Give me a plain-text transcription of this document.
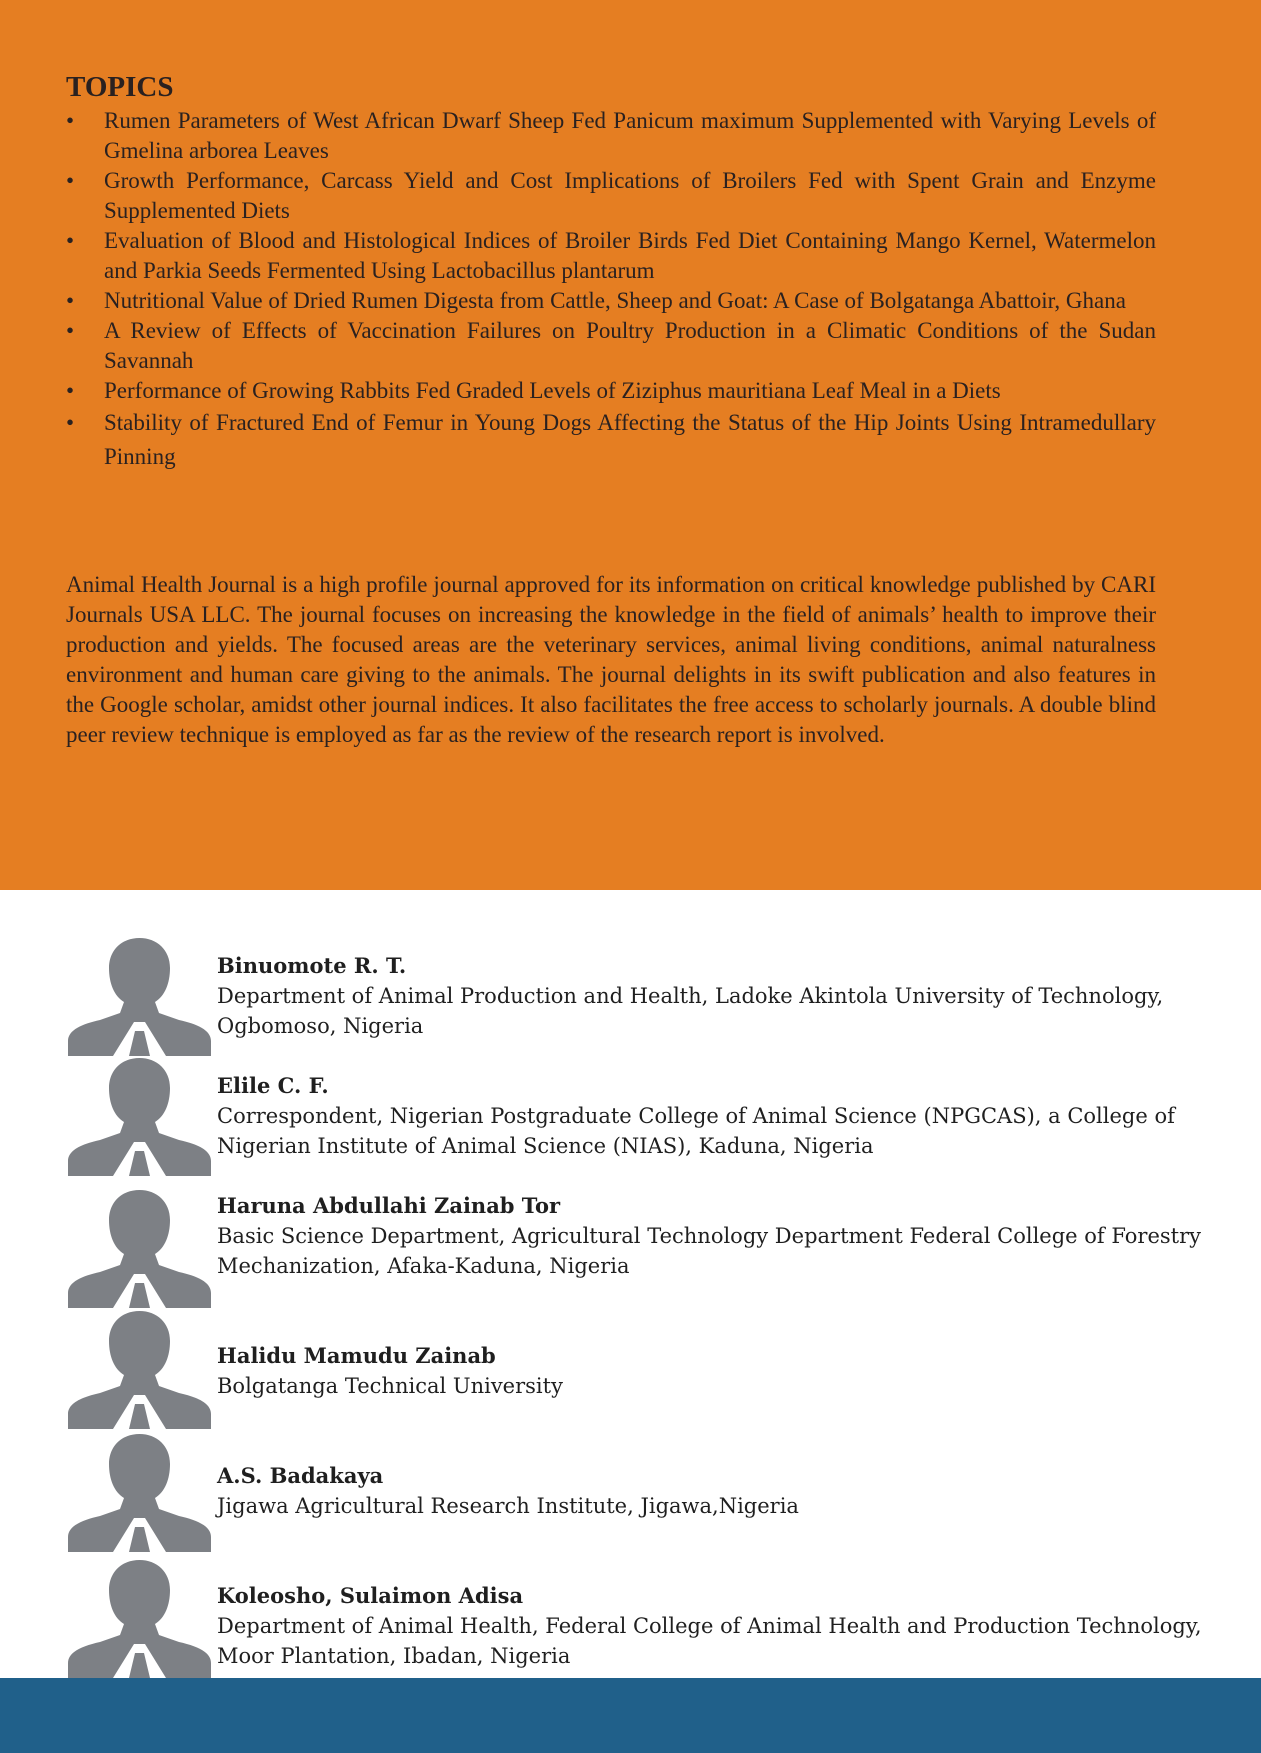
TOPICS
• Rumen Parameters of West African Dwarf Sheep Fed Panicum maximum Supplemented with Varying Levels of Gmelina arborea Leaves
• Growth Performance, Carcass Yield and Cost Implications of Broilers Fed with Spent Grain and Enzyme Supplemented Diets
• Evaluation of Blood and Histological Indices of Broiler Birds Fed Diet Containing Mango Kernel, Watermelon and Parkia Seeds Fermented Using Lactobacillus plantarum
• Nutritional Value of Dried Rumen Digesta from Cattle, Sheep and Goat: A Case of Bolgatanga Abattoir, Ghana
• A Review of Effects of Vaccination Failures on Poultry Production in a Climatic Conditions of the Sudan Savannah
• Performance of Growing Rabbits Fed Graded Levels of Ziziphus mauritiana Leaf Meal in a Diets
• Stability of Fractured End of Femur in Young Dogs Affecting the Status of the Hip Joints Using Intramedullary Pinning

Animal Health Journal is a high profile journal approved for its information on critical knowledge published by CARI Journals USA LLC. The journal focuses on increasing the knowledge in the field of animals’ health to improve their production and yields. The focused areas are the veterinary services, animal living conditions, animal naturalness environment and human care giving to the animals. The journal delights in its swift publication and also features in the Google scholar, amidst other journal indices. It also facilitates the free access to scholarly journals. A double blind peer review technique is employed as far as the review of the research report is involved.

Binuomote R. T.
Department of Animal Production and Health, Ladoke Akintola University of Technology, Ogbomoso, Nigeria
Elile C. F.
Correspondent, Nigerian Postgraduate College of Animal Science (NPGCAS), a College of Nigerian Institute of Animal Science (NIAS), Kaduna, Nigeria
Haruna Abdullahi Zainab Tor
Basic Science Department, Agricultural Technology Department Federal College of Forestry Mechanization, Afaka-Kaduna, Nigeria
Halidu Mamudu Zainab
Bolgatanga Technical University
A.S. Badakaya
Jigawa Agricultural Research Institute, Jigawa,Nigeria
Koleosho, Sulaimon Adisa
Department of Animal Health, Federal College of Animal Health and Production Technology, Moor Plantation, Ibadan, Nigeria
